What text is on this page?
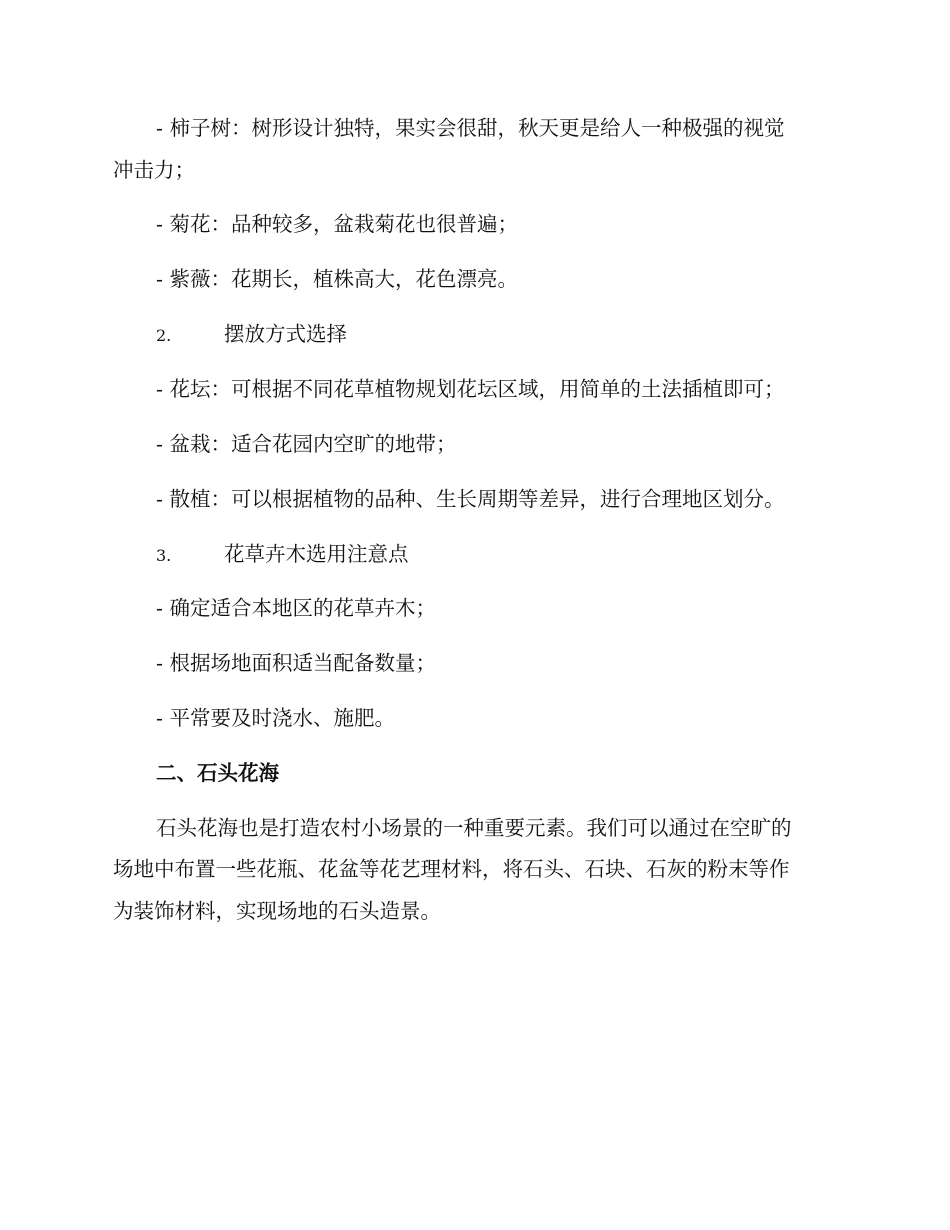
- 柿子树：树形设计独特，果实会很甜，秋天更是给人一种极强的视觉
冲击力；
- 菊花：品种较多，盆栽菊花也很普遍；
- 紫薇：花期长，植株高大，花色漂亮。
2.	摆放方式选择
- 花坛：可根据不同花草植物规划花坛区域，用简单的土法插植即可；
- 盆栽：适合花园内空旷的地带；
- 散植：可以根据植物的品种、生长周期等差异，进行合理地区划分。
3.	花草卉木选用注意点
- 确定适合本地区的花草卉木；
- 根据场地面积适当配备数量；
- 平常要及时浇水、施肥。
二、石头花海
石头花海也是打造农村小场景的一种重要元素。我们可以通过在空旷的
场地中布置一些花瓶、花盆等花艺理材料，将石头、石块、石灰的粉末等作
为装饰材料，实现场地的石头造景。
